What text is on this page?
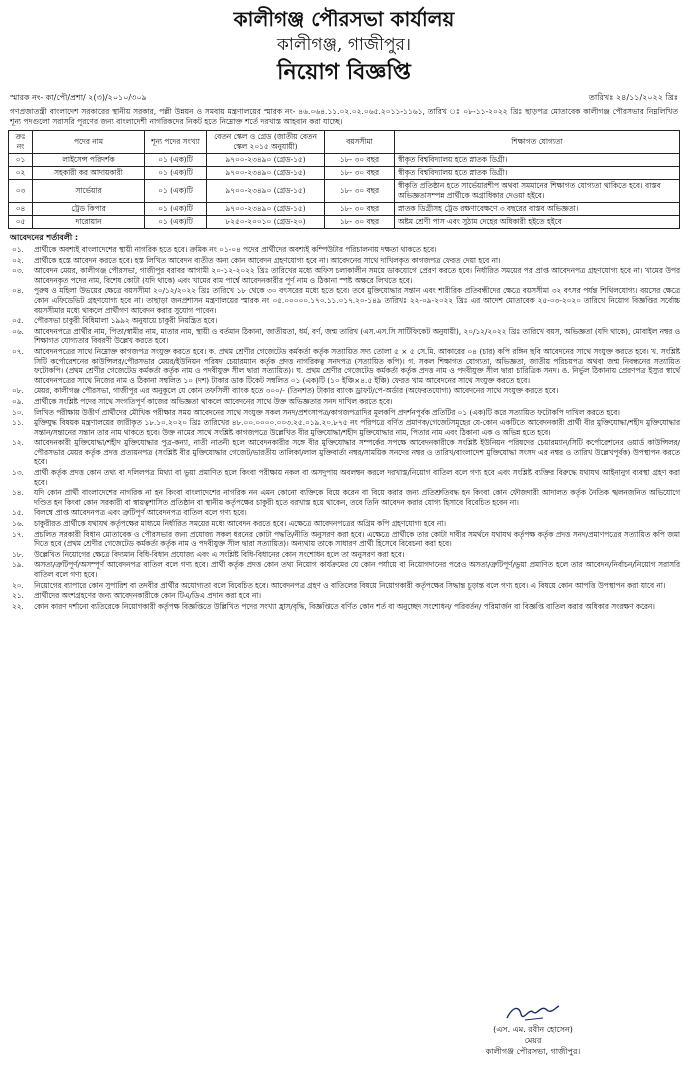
কালীগঞ্জ পৌরসভা কার্যালয়
কালীগঞ্জ, গাজীপুর।
নিয়োগ বিজ্ঞপ্তি
স্মারক নং- কা/পৌ/প্রশা/ ২(৩)/২০১০/৩০৯	তারিখঃ ২৪/১১/২০২২ খ্রিঃ
গণপ্রজাতন্ত্রী বাংলাদেশ সরকারের স্থানীয় সরকার, পল্লী উন্নয়ন ও সমবায় মন্ত্রণালয়ের স্মারক নং- ৪৬.০৬৪.১১.০২.০২.০৬৫.২০১১-১১৬১, তারিখ ঃ ০৮-১১-২০২২ খ্রিঃ ছাড়পত্র মোতাবেক কালীগঞ্জ পৌরসভার নিম্নলিখিত শূন্য পদগুলো সরাসরি পূরণের জন্য বাংলাদেশী নাগরিকদের নিকট হতে নিম্নোক্ত শর্তে দরখাস্ত আহবান করা যাচ্ছে।
ক্রঃ নং	পদের নাম	শূন্য পদের সংখ্যা	বেতন স্কেল ও গ্রেড (জাতীয় বেতন স্কেল ২০১৫ অনুযায়ী)	বয়সসীমা	শিক্ষাগত যোগ্যতা
০১	লাইসেন্স পরিদর্শক	০১ (এক)টি	৯৭০০-২৩৪৯০ (গ্রেড-১৫)	১৮- ৩০ বছর	স্বীকৃত বিশ্ববিদ্যালয় হতে স্নাতক ডিগ্রী।
০২	সহকারী কর আদায়কারী	০১ (এক)টি	৯৭০০-২৩৪৯০ (গ্রেড-১৫)	১৮- ৩০ বছর	স্বীকৃত বিশ্ববিদ্যালয় হতে স্নাতক ডিগ্রী।
০৩	সার্ভেয়ার	০১ (এক)টি	৯৭০০-২৩৪৯০ (গ্রেড-১৫)	১৮- ৩০ বছর	স্বীকৃতি প্রতিষ্ঠান হতে সার্ভেয়ারশীপ অথবা সমমানের শিক্ষাগত যোগ্যতা থাকিতে হবে। বাস্তব অভিজ্ঞতাসম্পন্ন প্রার্থীকে অগ্রাধিকার দেওয়া হইবে।
০৪	ট্রেড কিপার	০১ (এক)টি	৯৭০০-২৩৪৯০ (গ্রেড-১৫)	১৮- ৩০ বছর	স্নাতক ডিগ্রীসহ ট্রেড রক্ষণাবেক্ষণে ৩ বছরের বাস্তব অভিজ্ঞতা।
০৫	দারোয়ান	০১ (এক)টি	৮২৫০-২০০১০ (গ্রেড-২০)	১৮- ৩০ বছর	অষ্টম শ্রেণী পাস এবং সুঠাম দেহের অধিকারী হইতে হইবে
আবেদনের শর্তাবলী :
০১.	প্রার্থীকে অবশ্যই বাংলাদেশের স্থায়ী নাগরিক হতে হবে। ক্রমিক নং ০১-০৪ পদের প্রার্থীদের অবশ্যই কম্পিউটার পরিচালনায় দক্ষতা থাকতে হবে।
০২.	প্রার্থীকে হস্তে আবেদন করতে হবে। হস্ত লিখিত আবেদন ব্যতীত অন্য কোন আবেদন গ্রহণযোগ্য হবে না। আবেদনের সাথে দাখিলকৃত কাগজপত্র ফেরত দেয়া হবে না।
০৩.	আবেদন মেয়র, কালীগঞ্জ পৌরসভা, গাজীপুর বরাবর আগামী ২০-১২-২০২২ খ্রিঃ তারিখের মধ্যে অফিস চলাকালীন সময়ে ডাকযোগে প্রেরণ করতে হবে। নির্ধারিত সময়ের পর প্রাপ্ত আবেদনপত্র গ্রহণযোগ্য হবে না। খামের উপর আবেদনকৃত পদের নাম, বিশেষ কোটা (যদি থাকে) এবং খামের বাম পার্শ্বে আবেদনকারীর পূর্ণ নাম ও ঠিকানা স্পষ্ট অক্ষরে লিখতে হবে।
০৪.	পুরুষ ও মহিলা উভয়ের ক্ষেত্রে বয়সসীমা ২০/১২/২০২২ খ্রিঃ তারিখে ১৮ থেকে ৩০ বৎসরের মধ্যে হতে হবে। তবে মুক্তিযোদ্ধার সন্তান এবং শারীরিক প্রতিবন্ধীদের ক্ষেত্রে বয়সসীমা ৩২ বৎসর পর্যন্ত শিথিলযোগ্য। বয়সের ক্ষেত্রে কোন এফিডেভিট গ্রহণযোগ্য হবে না। তাছাড়া জনপ্রশাসন মন্ত্রণালয়ের স্মারক নং ০৫.০০০০০.১৭০.১১.০১৭.২০-১৪৯ তারিখঃ ২২-০৯-২০২২ খ্রিঃ এর আদেশ মোতাবেক ২৫-০৩-২০২০ তারিখে নিয়োগ বিজ্ঞপ্তির সর্বোচ্চ বয়সসীমার মধ্যে থাকলে প্রার্থীগণ আবেদন করার সুযোগ পাবেন।
০৫.	পৌরসভা চাকুরী বিধিমালা ১৯৯২ অনুযায়ে চাকুরী নিয়ন্ত্রিত হবে।
০৬.	আবেদনপত্রে প্রার্থীর নাম, পিতা/স্বামীর নাম, মাতার নাম, স্থায়ী ও বর্তমান ঠিকানা, জাতীয়তা, ধর্ম, বর্ণ, জন্ম তারিখ (এস.এস.সি সার্টিফিকেট অনুযায়ী), ২০/১২/২০২২ খ্রিঃ তারিখে বয়স, অভিজ্ঞতা (যদি থাকে), মোবাইল নম্বর ও শিক্ষাগত যোগ্যতার বিবরণী উল্লেখ করতে হবে।
০৭.	আবেদনপত্রের সাথে নিম্নোক্ত কাগজপত্র সংযুক্ত করতে হবে। ক. প্রথম শ্রেণীর গেজেটেড কর্মকর্তা কর্তৃক সত্যায়িত সদ্য তোলা ৫ × ৫ সে.মি. আকারের ০৪ (চার) কপি রঙ্গিন ছবি আবেদনের সাথে সংযুক্ত করতে হবে। খ. সংশ্লিষ্ট সিটি কর্পোরেশনের কাউন্সিলর/পৌরসভার মেয়র/ইউনিয়ন পরিষদ চেয়ারম্যান কর্তৃক প্রদত্ত নাগরিকত্ব সনদপত্র (সত্যায়িত কপি)। গ. সকল শিক্ষাগত যোগ্যতা, অভিজ্ঞতা, জাতীয় পরিচয়পত্র অথবা জন্ম নিবন্ধনের সত্যায়িত ফটোকপি। (প্রথম শ্রেণীর গেজেটেড কর্মকর্তা কর্তৃক নাম ও পদবীযুক্ত সীল দ্বারা সত্যায়িত)। ঘ. প্রথম শ্রেণীর গেজেটেড কর্মকর্তা কর্তৃক প্রদত্ত নাম ও পদবীযুক্ত সীল দ্বারা চারিত্রিক সনদ। ঙ. নির্ভুল ঠিকানায় প্রেরণপত্র ইস্যুর স্বার্থে আবেদনপত্রের সাথে নিজের নাম ও ঠিকানা সম্বলিত ১০ (দশ) টাকার ডাক টিকেট সম্বলিত ০১ (এক)টি (১০ ইঞ্চি×৪.৫ ইঞ্চি) ফেরত খাম আবেদনের সাথে সংযুক্ত করতে হবে।
০৮.	মেয়র, কালীগঞ্জ পৌরসভা, গাজীপুর এর অনুকূলে যে কোন তফসিলী ব্যাংক হতে ৩০০/- (তিনশত) টাকার ব্যাংক ড্রাফট/পে-অর্ডার (অফেরতযোগ্য) আবেদনের সাথে সংযুক্ত করতে হবে।
০৯.	প্রার্থীকে সংশ্লিষ্ট পদের সাথে সংগতিপূর্ণ কাজের অভিজ্ঞতা থাকলে আবেদনের সাথে উক্ত অভিজ্ঞতার সনদ দাখিল করতে হবে।
১০.	লিখিত পরীক্ষায় উত্তীর্ণ প্রার্থীদের মৌখিক পরীক্ষার সময় আবেদনের সাথে সংযুক্ত সকল সনদ/প্রশংসাপত্র/কাগজপত্রাদির মূলকপি প্রদর্শনপূর্বক প্রতিটির ০১ (এক)টি করে সত্যায়িত ফটোকপি দাখিল করতে হবে।
১১.	মুক্তিযুদ্ধ বিষয়ক মন্ত্রণালয়ের জারীকৃত ১৮.১০.২০২০ খ্রিঃ তারিখের ৪৮.০০.০০০০.০০৩.২৫.০১৯.২০.৮৭৫ নং পরিপত্রে বর্ণিত প্রমাণক/গেজেটসমূহের যে-কোন একটিতে আবেদনকারী প্রার্থী বীর মুক্তিযোদ্ধা/শহীদ মুক্তিযোদ্ধার সন্তান/সন্তানের সন্তান তার নাম থাকতে হবে। উক্ত নামের সাথে সংশ্লিষ্ট কাগজপত্রে উল্লেখিত বীর মুক্তিযোদ্ধা/শহীদ মুক্তিযোদ্ধার নাম, পিতার নাম এবং ঠিকানা এক ও অভিন্ন হতে হবে।
১২.	আবেদনকারী মুক্তিযোদ্ধা/শহীদ মুক্তিযোদ্ধার পুত্র-কন্যা, নাতী নাতনী হলে আবেদনকারীর সঙ্গে বীর মুক্তিযোদ্ধার সম্পর্কের সপক্ষে আবেদনকারীকে সংশ্লিষ্ট ইউনিয়ন পরিষদের চেয়ারম্যান/সিটি কর্পোরেশনের ওয়ার্ড কাউন্সিলর/পৌরসভার মেয়র কর্তৃক প্রদত্ত প্রত্যয়নপত্র (সংশ্লিষ্ট বীর মুক্তিযোদ্ধার গেজেট/ভারতীয় তালিকা/লাল মুক্তিবার্তা নম্বর/সাময়িক সনদের নম্বর ও তারিখ/বাংলাদেশ মুক্তিযোদ্ধা সংসদ এর নম্বর ও তারিখ উল্লেখপূর্বক) উপস্থাপন করতে হবে।
১৩.	প্রার্থী কর্তৃক প্রদত্ত কোন তথ্য বা দলিলপত্র মিথ্যা বা ভুয়া প্রমাণিত হলে কিংবা পরীক্ষায় নকল বা অসদুপায় অবলম্বন করলে দরখাস্ত/নিয়োগ বাতিল বলে গণ্য হবে এবং সংশ্লিষ্ট ব্যক্তির বিরুদ্ধে যথাযথ আইনানুগ ব্যবস্থা গ্রহণ করা হবে।
১৪.	যদি কোন প্রার্থী বাংলাদেশের নাগরিক না হন কিংবা বাংলাদেশের নাগরিক নন এমন কোনো ব্যক্তিকে বিয়ে করেন বা বিয়ে করার জন্য প্রতিশ্রুতিবদ্ধ হন কিংবা কোন ফৌজদারী আদালত কর্তৃক নৈতিক স্খলনজনিত অভিযোগে দণ্ডিত হন কিংবা কোন সরকারী বা স্বায়ত্বশাসিত প্রতিষ্ঠান বা স্থানীয় কর্তৃপক্ষের চাকুরী হতে বরখাস্ত হয়ে থাকেন, তবে তিনি আবেদন করার যোগ্য হিসাবে বিবেচিত হবেন না।
১৫.	বিলম্বে প্রাপ্ত আবেদনপত্র এবং ত্রুটিপূর্ণ আবেদনপত্র বাতিল বলে গণ্য হবে।
১৬.	চাকুরীরত প্রার্থীকে যথাযথ কর্তৃপক্ষের মাধ্যমে নির্ধারিত সময়ের মধ্যে আবেদন করতে হবে। এক্ষেত্রে আবেদনপত্রের অগ্রিম কপি গ্রহণযোগ্য হবে না।
১৭.	প্রচলিত সরকারী বিধান মোতাবেক ও পৌরসভার জন্য প্রযোজ্য সকল ধরনের কোটা পদ্ধতি/নীতি অনুসরণ করা হবে। এক্ষেত্রে প্রার্থীকে তার কোটা দাবীর সমর্থনে যথাযথ কর্তৃপক্ষ কর্তৃক প্রদত্ত সনদ/প্রমাণপত্রের সত্যায়িত কপি জমা দিতে হবে (প্রথম শ্রেণীর গেজেটেড কর্মকর্তা কর্তৃক নাম ও পদবীযুক্ত সীল দ্বারা সত্যায়িত)। অন্যথায় তাকে সাধারণ প্রার্থী হিসেবে বিবেচনা করা হবে।
১৮.	উল্লেখিত নিয়োগের ক্ষেত্রে বিদ্যমান বিধি-বিধান প্রযোজ্য এবং এ সংশ্লিষ্ট বিধি-বিধানের কোন সংশোধন হলে তা অনুসরণ করা হবে।
১৯.	অসত্য/ত্রুটিপূর্ণ/অসম্পূর্ণ আবেদনপত্র বাতিল বলে গণ্য হবে। প্রার্থী কর্তৃক প্রদত্ত কোন তথ্য নিয়োগ কার্যক্রমের যে কোন পর্যায়ে বা নিয়োগদানের পরেও অসত্য/ত্রুটিপূর্ণ/ভুয়া প্রমাণিত হলে তার আবেদন/নির্বাচন/নিয়োগ সরাসরি বাতিল বলে গণ্য হবে।
২০.	নিয়োগের ব্যাপারে কোন সুপারিশ বা তদবীর প্রার্থীর অযোগ্যতা বলে বিবেচিত হবে। আবেদনপত্র গ্রহণ ও বাতিলের বিষয়ে নিয়োগকারী কর্তৃপক্ষের সিদ্ধান্ত চূড়ান্ত বলে গণ্য হবে। এ বিষয়ে কোন আপত্তি উপস্থাপন করা যাবে না।
২১.	প্রার্থীদের অংশগ্রহণের জন্য আবেদনকারীকে কোন টিএ/ডিএ প্রদান করা হবে না।
২২.	কোন কারণ দর্শানো ব্যতিরেকে নিয়োগকারী কর্তৃপক্ষ বিজ্ঞপ্তিতে উল্লিখিত পদের সংখ্যা হ্রাস/বৃদ্ধি, বিজ্ঞপ্তিতে বর্ণিত কোন শর্ত বা অনুচ্ছেদ সংশোধন/ পরিবর্তন/ পরিমার্জন বা বিজ্ঞপ্তি বাতিল করার অধিকার সংরক্ষণ করেন।
(এস. এম. রবীন হোসেন)
মেয়র
কালীগঞ্জ পৌরসভা, গাজীপুর।
